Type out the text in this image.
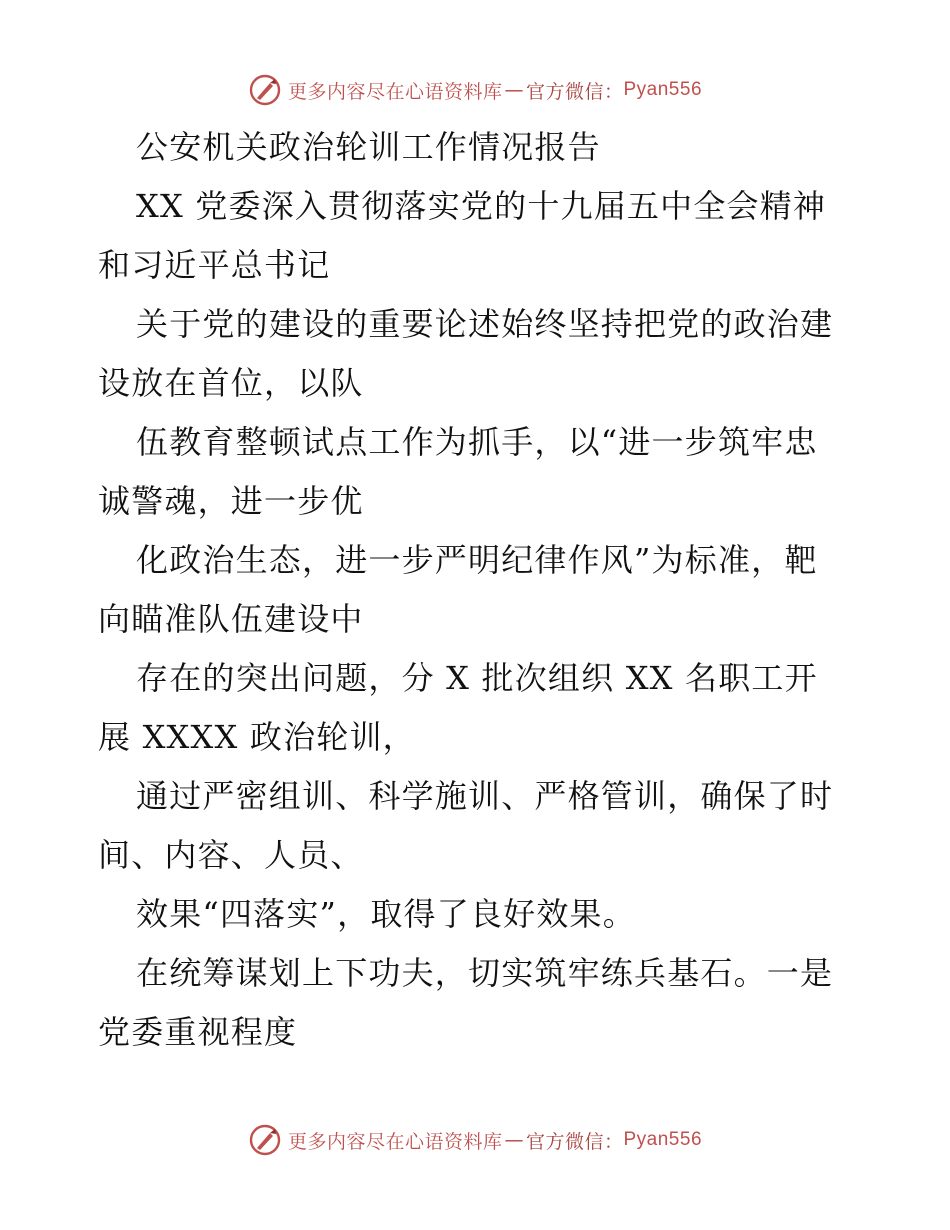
更多内容尽在心语资料库 — 官方微信： Pyan556
公安机关政治轮训工作情况报告
XX 党委深入贯彻落实党的十九届五中全会精神
和习近平总书记
关于党的建设的重要论述始终坚持把党的政治建
设放在首位，以队
伍教育整顿试点工作为抓手，以“进一步筑牢忠
诚警魂，进一步优
化政治生态，进一步严明纪律作风”为标准，靶
向瞄准队伍建设中
存在的突出问题，分 X 批次组织 XX 名职工开
展 XXXX 政治轮训，
通过严密组训、科学施训、严格管训，确保了时
间、内容、人员、
效果“四落实”，取得了良好效果。
在统筹谋划上下功夫，切实筑牢练兵基石。一是
党委重视程度
更多内容尽在心语资料库 — 官方微信： Pyan556
